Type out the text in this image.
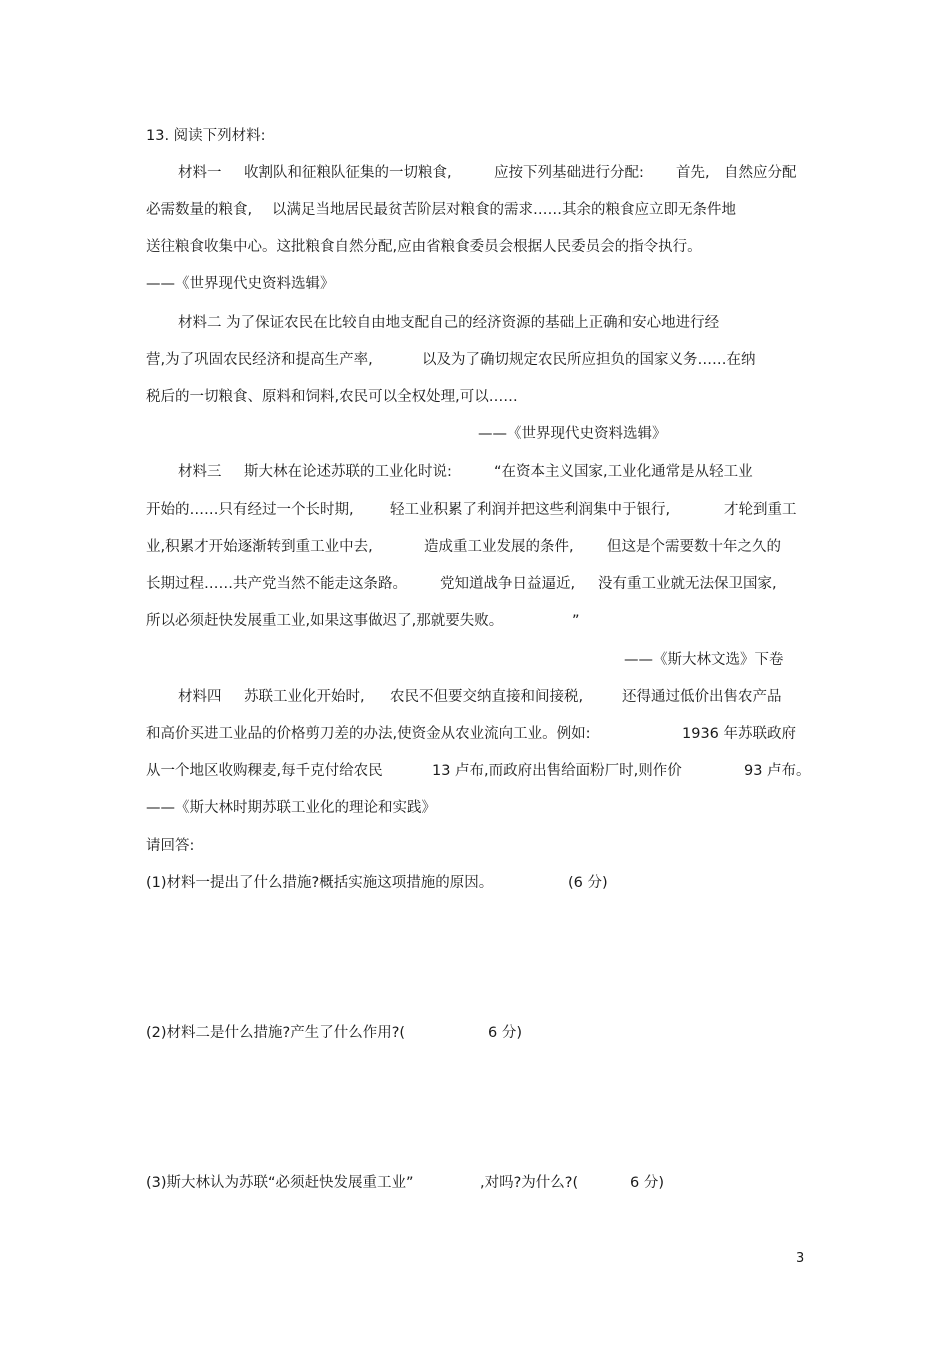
13. 阅读下列材料:
材料一 收割队和征粮队征集的一切粮食,	应按下列基础进行分配: 首先, 自然应分配
必需数量的粮食, 以满足当地居民最贫苦阶层对粮食的需求……其余的粮食应立即无条件地
送往粮食收集中心。这批粮食自然分配,应由省粮食委员会根据人民委员会的指令执行。
——《世界现代史资料选辑》
材料二 为了保证农民在比较自由地支配自己的经济资源的基础上正确和安心地进行经
营,为了巩固农民经济和提高生产率,	以及为了确切规定农民所应担负的国家义务……在纳
税后的一切粮食、原料和饲料,农民可以全权处理,可以……
——《世界现代史资料选辑》
材料三 斯大林在论述苏联的工业化时说:	“在资本主义国家,工业化通常是从轻工业
开始的……只有经过一个长时期,	轻工业积累了利润并把这些利润集中于银行,	才轮到重工
业,积累才开始逐渐转到重工业中去,	造成重工业发展的条件, 但这是个需要数十年之久的
长期过程……共产党当然不能走这条路。 党知道战争日益逼近, 没有重工业就无法保卫国家,
所以必须赶快发展重工业,如果这事做迟了,那就要失败。	”
——《斯大林文选》下卷
材料四 苏联工业化开始时, 农民不但要交纳直接和间接税,	还得通过低价出售农产品
和高价买进工业品的价格剪刀差的办法,使资金从农业流向工业。例如:	1936 年苏联政府
从一个地区收购稞麦,每千克付给农民	13 卢布,而政府出售给面粉厂时,则作价	93 卢布。
——《斯大林时期苏联工业化的理论和实践》
请回答:
(1)材料一提出了什么措施?概括实施这项措施的原因。	(6 分)
(2)材料二是什么措施?产生了什么作用?(	6 分)
(3)斯大林认为苏联“必须赶快发展重工业”	,对吗?为什么?(	6 分)
3
